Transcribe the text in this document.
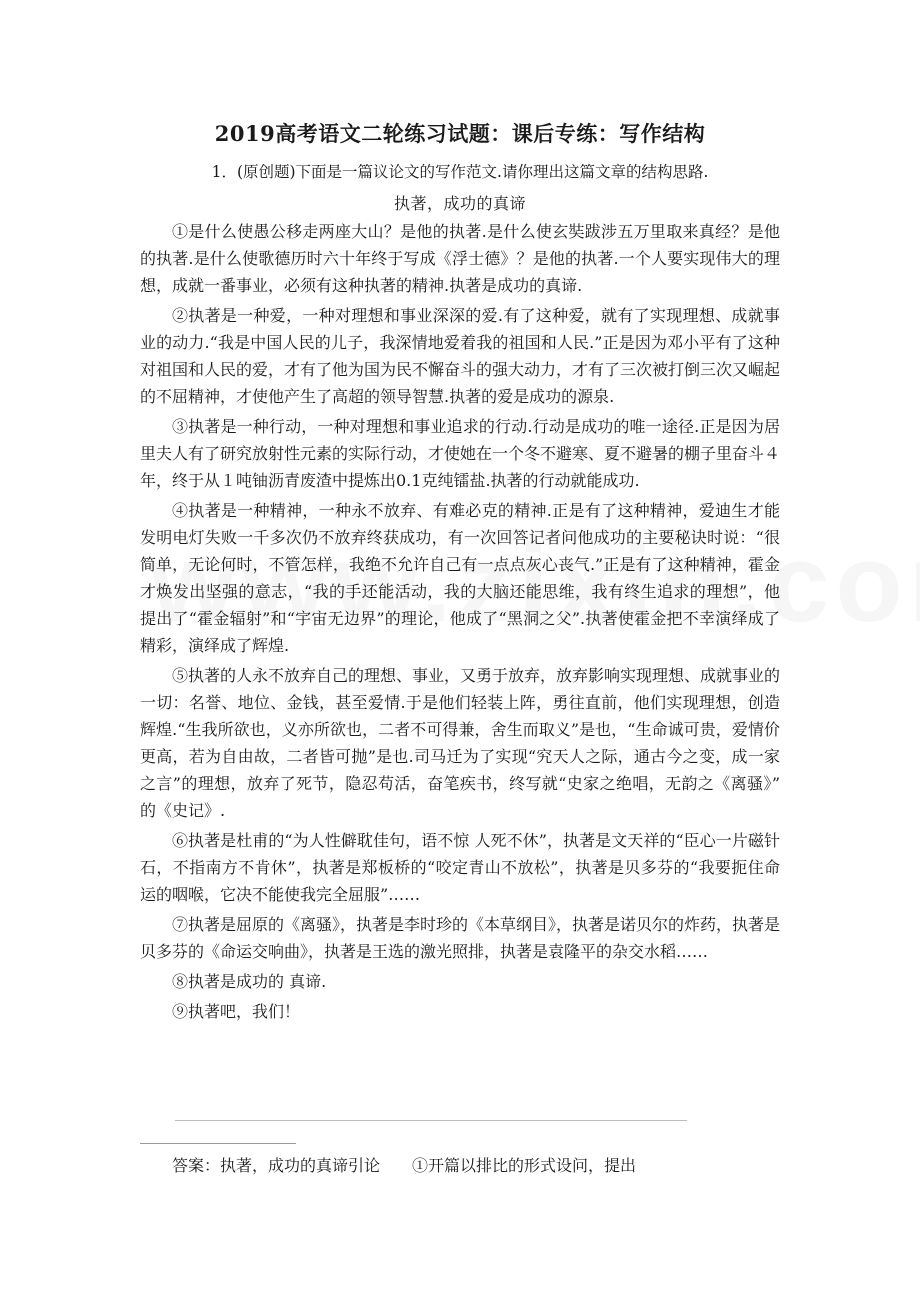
2019高考语文二轮练习试题：课后专练：写作结构
1．(原创题)下面是一篇议论文的写作范文.请你理出这篇文章的结构思路.
执著，成功的真谛

①是什么使愚公移走两座大山？是他的执著.是什么使玄奘跋涉五万里取来真经？是他的执著.是什么使歌德历时六十年终于写成《浮士德》？是他的执著.一个人要实现伟大的理想，成就一番事业，必须有这种执著的精神.执著是成功的真谛.

②执著是一种爱，一种对理想和事业深深的爱.有了这种爱，就有了实现理想、成就事业的动力.“我是中国人民的儿子，我深情地爱着我的祖国和人民.”正是因为邓小平有了这种对祖国和人民的爱，才有了他为国为民不懈奋斗的强大动力，才有了三次被打倒三次又崛起的不屈精神，才使他产生了高超的领导智慧.执著的爱是成功的源泉.

③执著是一种行动，一种对理想和事业追求的行动.行动是成功的唯一途径.正是因为居里夫人有了研究放射性元素的实际行动，才使她在一个冬不避寒、夏不避暑的棚子里奋斗４年，终于从１吨铀沥青废渣中提炼出0.1克纯镭盐.执著的行动就能成功.

④执著是一种精神，一种永不放弃、有难必克的精神.正是有了这种精神，爱迪生才能发明电灯失败一千多次仍不放弃终获成功，有一次回答记者问他成功的主要秘诀时说：“很简单，无论何时，不管怎样，我绝不允许自己有一点点灰心丧气.”正是有了这种精神，霍金才焕发出坚强的意志，“我的手还能活动，我的大脑还能思维，我有终生追求的理想”，他提出了“霍金辐射”和“宇宙无边界”的理论，他成了“黑洞之父”.执著使霍金把不幸演绎成了精彩，演绎成了辉煌.

⑤执著的人永不放弃自己的理想、事业，又勇于放弃，放弃影响实现理想、成就事业的一切：名誉、地位、金钱，甚至爱情.于是他们轻装上阵，勇往直前，他们实现理想，创造辉煌.“生我所欲也，义亦所欲也，二者不可得兼，舍生而取义”是也，“生命诚可贵，爱情价更高，若为自由故，二者皆可抛”是也.司马迁为了实现“究天人之际，通古今之变，成一家之言”的理想，放弃了死节，隐忍苟活，奋笔疾书，终写就“史家之绝唱，无韵之《离骚》” 的《史记》.

⑥执著是杜甫的“为人性僻耽佳句，语不惊 人死不休”，执著是文天祥的“臣心一片磁针石，不指南方不肯休”，执著是郑板桥的“咬定青山不放松”，执著是贝多芬的“我要扼住命运的咽喉，它决不能使我完全屈服”……

⑦执著是屈原的《离骚》，执著是李时珍的《本草纲目》，执著是诺贝尔的炸药，执著是贝多芬的《命运交响曲》，执著是王选的激光照排，执著是袁隆平的杂交水稻……

⑧执著是成功的 真谛.

⑨执著吧，我们！

答案：执著，成功的真谛引论　　①开篇以排比的形式设问，提出
